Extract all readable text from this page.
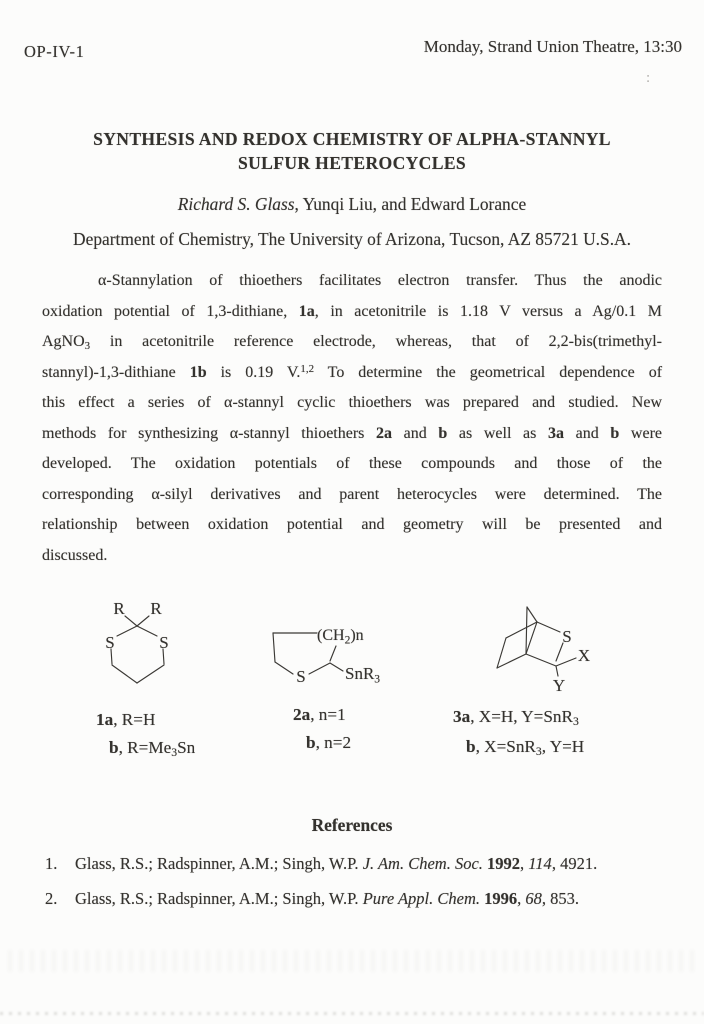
OP-IV-1	Monday, Strand Union Theatre, 13:30
:
SYNTHESIS AND REDOX CHEMISTRY OF ALPHA-STANNYL
SULFUR HETEROCYCLES
Richard S. Glass, Yunqi Liu, and Edward Lorance
Department of Chemistry, The University of Arizona, Tucson, AZ 85721 U.S.A.
α-Stannylation of thioethers facilitates electron transfer. Thus the anodic
oxidation potential of 1,3-dithiane, 1a, in acetonitrile is 1.18 V versus a Ag/0.1 M
AgNO3 in acetonitrile reference electrode, whereas, that of 2,2-bis(trimethyl-
stannyl)-1,3-dithiane 1b is 0.19 V.$^{1,2}$ To determine the geometrical dependence of
this effect a series of α-stannyl cyclic thioethers was prepared and studied. New
methods for synthesizing α-stannyl thioethers 2a and b as well as 3a and b were
developed. The oxidation potentials of these compounds and those of the
corresponding α-silyl derivatives and parent heterocycles were determined. The
relationship between oxidation potential and geometry will be presented and
discussed.
R R
S	S
1a, R=H
b, R=Me3Sn
$(CH_2)n$
S SnR$_3$
2a, n=1
b, n=2
S
X
Y
3a, X=H, Y=SnR3
b, X=SnR3, Y=H
References
1.	Glass, R.S.; Radspinner, A.M.; Singh, W.P. J. Am. Chem. Soc. 1992, 114, 4921.
2.	Glass, R.S.; Radspinner, A.M.; Singh, W.P. Pure Appl. Chem. 1996, 68, 853.
